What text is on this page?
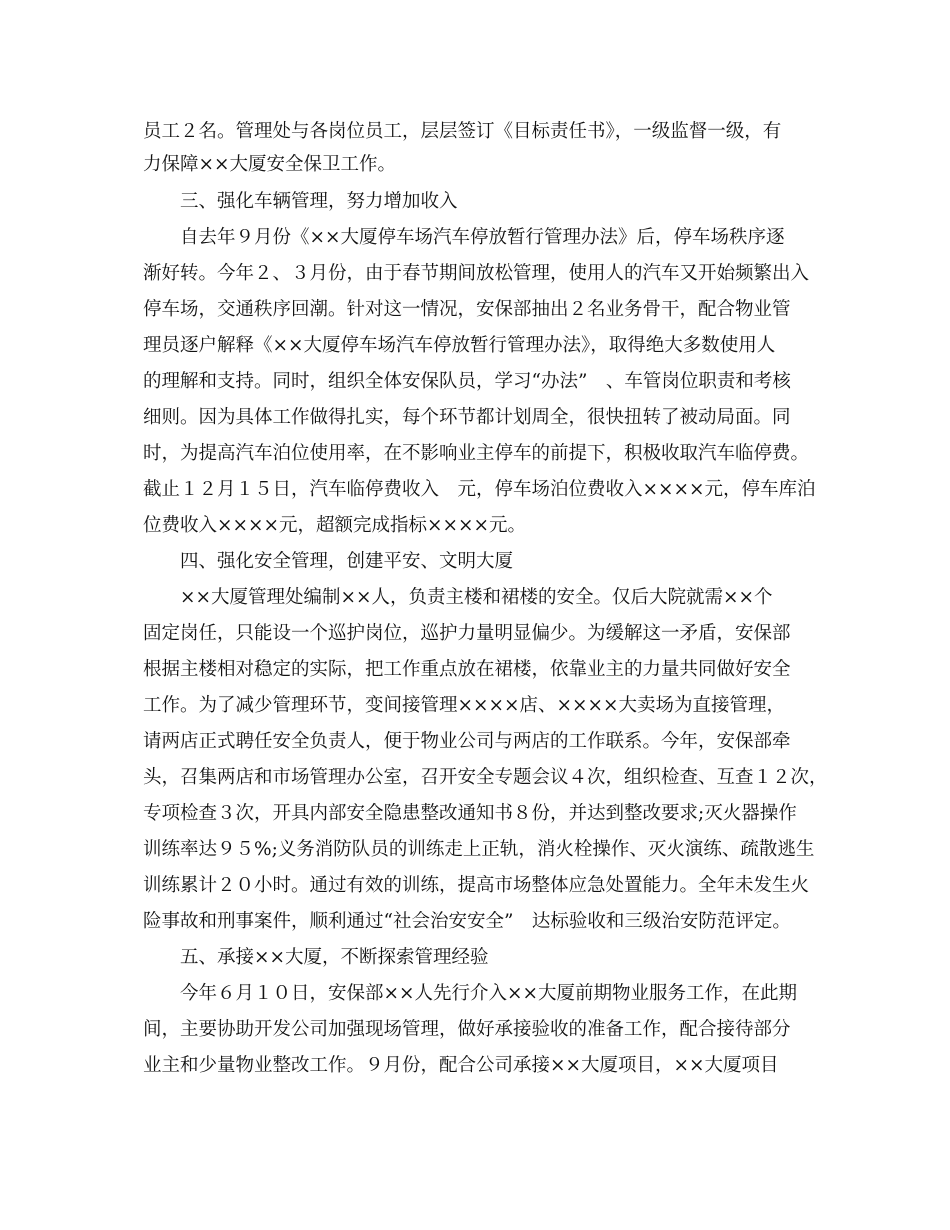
员工２名。管理处与各岗位员工，层层签订《目标责任书》，一级监督一级，有
力保障××大厦安全保卫工作。
三、强化车辆管理，努力增加收入
自去年９月份《××大厦停车场汽车停放暂行管理办法》后，停车场秩序逐
渐好转。今年２、３月份，由于春节期间放松管理，使用人的汽车又开始频繁出入
停车场，交通秩序回潮。针对这一情况，安保部抽出２名业务骨干，配合物业管
理员逐户解释《××大厦停车场汽车停放暂行管理办法》，取得绝大多数使用人
的理解和支持。同时，组织全体安保队员，学习“办法”　、车管岗位职责和考核
细则。因为具体工作做得扎实，每个环节都计划周全，很快扭转了被动局面。同
时，为提高汽车泊位使用率，在不影响业主停车的前提下，积极收取汽车临停费。
截止１２月１５日，汽车临停费收入　元，停车场泊位费收入××××元，停车库泊
位费收入××××元，超额完成指标××××元。
四、强化安全管理，创建平安、文明大厦
××大厦管理处编制××人，负责主楼和裙楼的安全。仅后大院就需××个
固定岗任，只能设一个巡护岗位，巡护力量明显偏少。为缓解这一矛盾，安保部
根据主楼相对稳定的实际，把工作重点放在裙楼，依靠业主的力量共同做好安全
工作。为了减少管理环节，变间接管理××××店、××××大卖场为直接管理，
请两店正式聘任安全负责人，便于物业公司与两店的工作联系。今年，安保部牵
头，召集两店和市场管理办公室，召开安全专题会议４次，组织检查、互查１２次，
专项检查３次，开具内部安全隐患整改通知书８份，并达到整改要求;灭火器操作
训练率达９５%;义务消防队员的训练走上正轨，消火栓操作、灭火演练、疏散逃生
训练累计２０小时。通过有效的训练，提高市场整体应急处置能力。全年未发生火
险事故和刑事案件，顺利通过“社会治安安全”　达标验收和三级治安防范评定。
五、承接××大厦，不断探索管理经验
今年６月１０日，安保部××人先行介入××大厦前期物业服务工作，在此期
间，主要协助开发公司加强现场管理，做好承接验收的准备工作，配合接待部分
业主和少量物业整改工作。９月份，配合公司承接××大厦项目，××大厦项目
